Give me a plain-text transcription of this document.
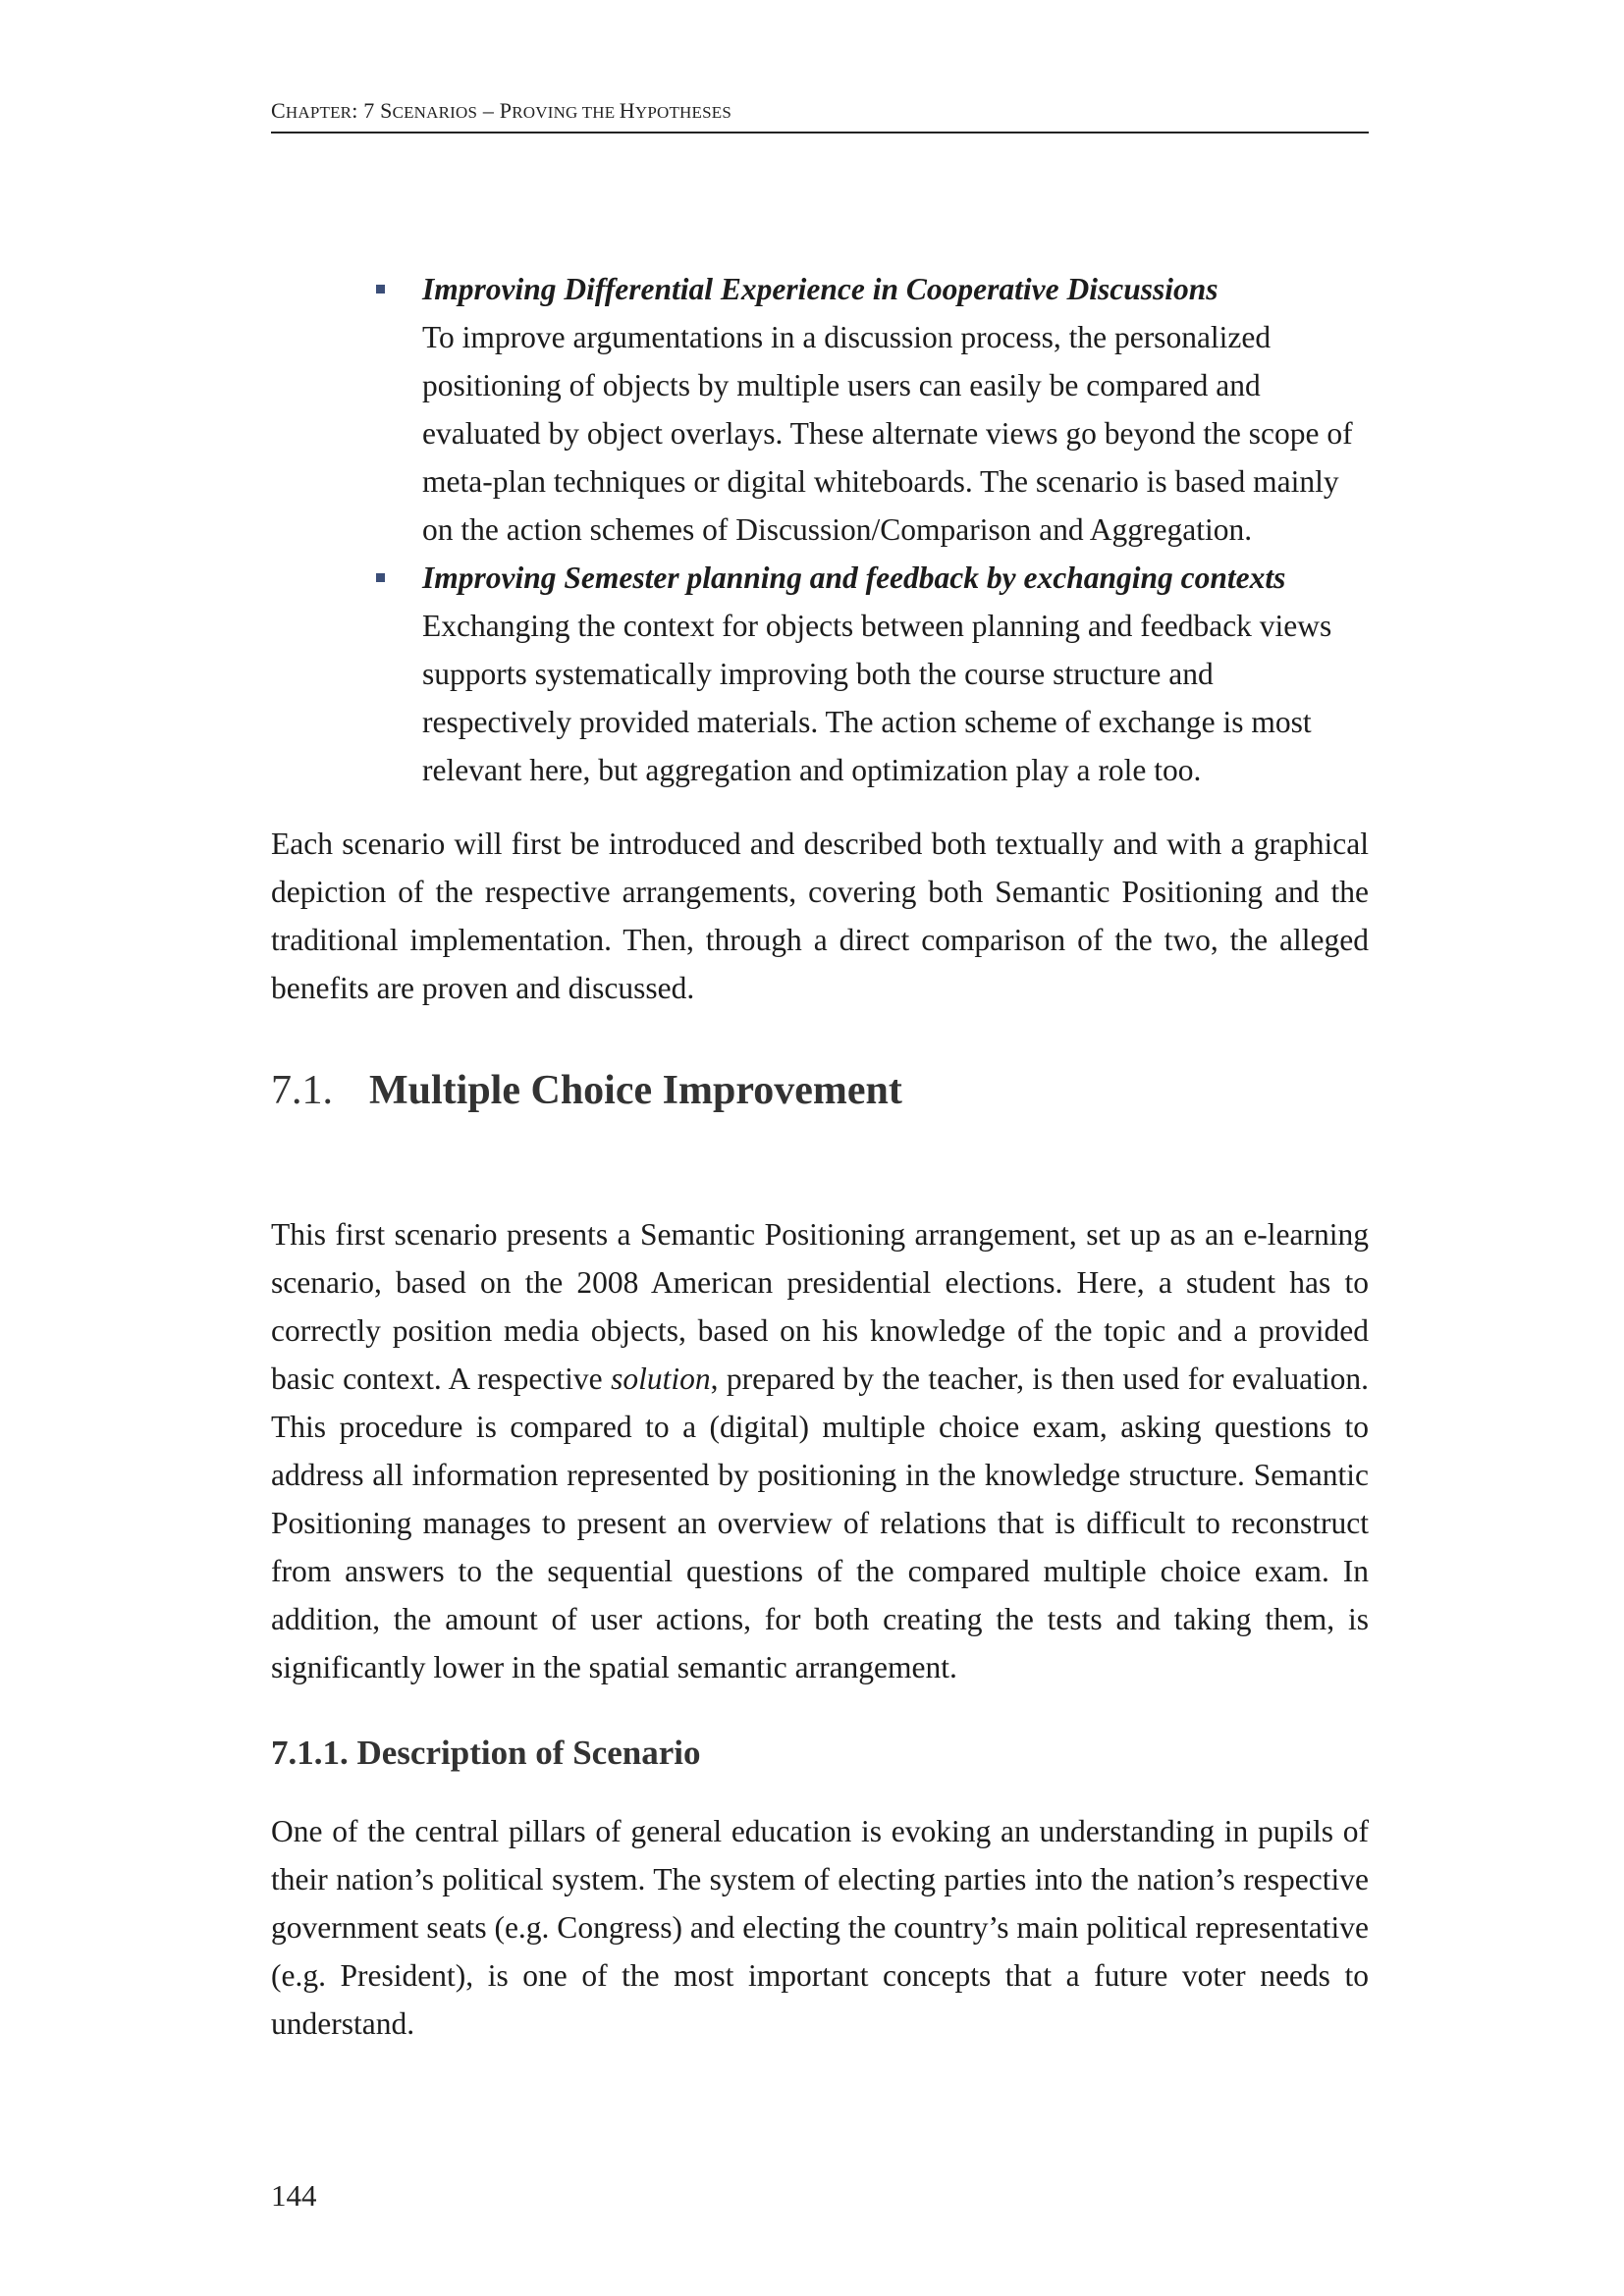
CHAPTER: 7 SCENARIOS – PROVING THE HYPOTHESES
Improving Differential Experience in Cooperative Discussions
To improve argumentations in a discussion process, the personalized positioning of objects by multiple users can easily be compared and evaluated by object overlays. These alternate views go beyond the scope of meta-plan techniques or digital whiteboards. The scenario is based mainly on the action schemes of Discussion/Comparison and Aggregation.
Improving Semester planning and feedback by exchanging contexts
Exchanging the context for objects between planning and feedback views supports systematically improving both the course structure and respectively provided materials. The action scheme of exchange is most relevant here, but aggregation and optimization play a role too.

Each scenario will first be introduced and described both textually and with a graphical depiction of the respective arrangements, covering both Semantic Positioning and the traditional implementation. Then, through a direct comparison of the two, the alleged benefits are proven and discussed.

7.1. Multiple Choice Improvement

This first scenario presents a Semantic Positioning arrangement, set up as an e-learning scenario, based on the 2008 American presidential elections. Here, a student has to correctly position media objects, based on his knowledge of the topic and a provided basic context. A respective solution, prepared by the teacher, is then used for evaluation. This procedure is compared to a (digital) multiple choice exam, asking questions to address all information represented by positioning in the knowledge structure. Semantic Positioning manages to present an overview of relations that is difficult to reconstruct from answers to the sequential questions of the compared multiple choice exam. In addition, the amount of user actions, for both creating the tests and taking them, is significantly lower in the spatial semantic arrangement.

7.1.1. Description of Scenario

One of the central pillars of general education is evoking an understanding in pupils of their nation’s political system. The system of electing parties into the nation’s respective government seats (e.g. Congress) and electing the country’s main political representative (e.g. President), is one of the most important concepts that a future voter needs to understand.

144
